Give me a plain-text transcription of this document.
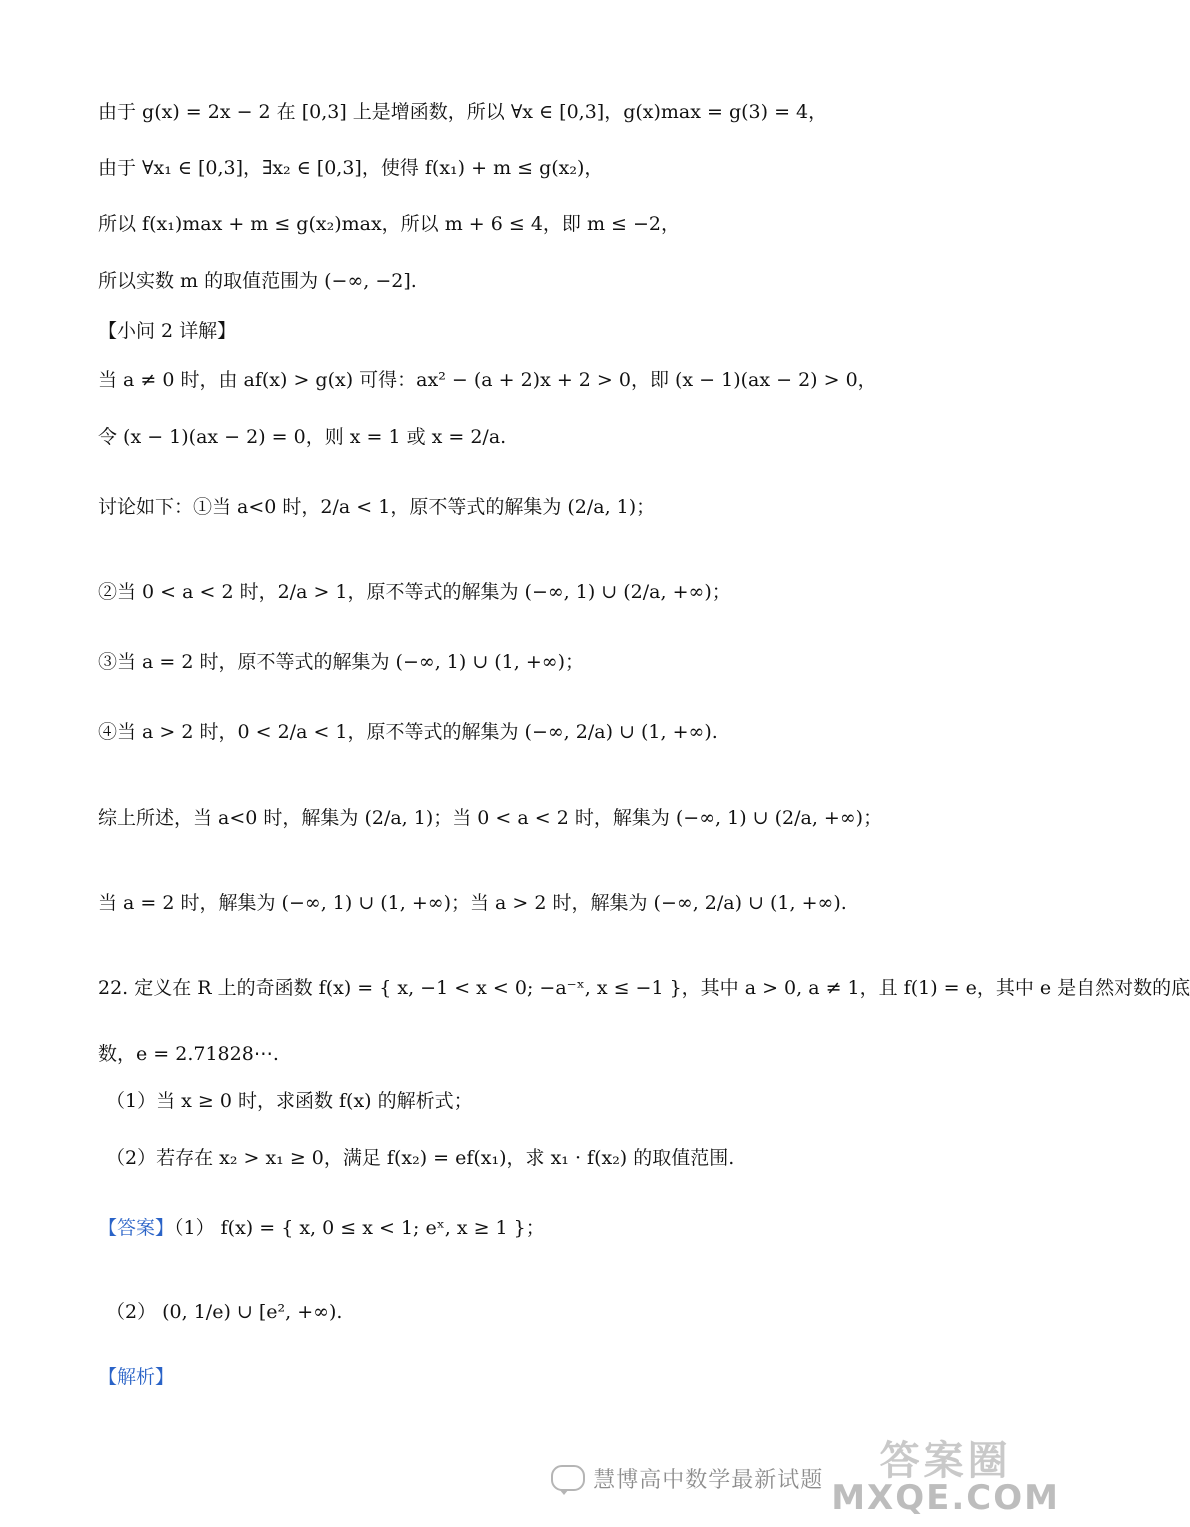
由于 g(x) = 2x − 2 在 [0,3] 上是增函数，所以 ∀x ∈ [0,3]，g(x)max = g(3) = 4，
由于 ∀x₁ ∈ [0,3]，∃x₂ ∈ [0,3]，使得 f(x₁) + m ≤ g(x₂)，
所以 f(x₁)max + m ≤ g(x₂)max，所以 m + 6 ≤ 4，即 m ≤ −2，
所以实数 m 的取值范围为 (−∞, −2].
【小问 2 详解】
当 a ≠ 0 时，由 af(x) > g(x) 可得：ax² − (a + 2)x + 2 > 0，即 (x − 1)(ax − 2) > 0，
令 (x − 1)(ax − 2) = 0，则 x = 1 或 x = 2/a.
讨论如下：①当 a<0 时，2/a < 1，原不等式的解集为 (2/a, 1)；
②当 0 < a < 2 时，2/a > 1，原不等式的解集为 (−∞, 1) ∪ (2/a, +∞)；
③当 a = 2 时，原不等式的解集为 (−∞, 1) ∪ (1, +∞)；
④当 a > 2 时，0 < 2/a < 1，原不等式的解集为 (−∞, 2/a) ∪ (1, +∞).
综上所述，当 a<0 时，解集为 (2/a, 1)；当 0 < a < 2 时，解集为 (−∞, 1) ∪ (2/a, +∞)；
当 a = 2 时，解集为 (−∞, 1) ∪ (1, +∞)；当 a > 2 时，解集为 (−∞, 2/a) ∪ (1, +∞).
22. 定义在 R 上的奇函数 f(x) = { x, −1 < x < 0; −a⁻ˣ, x ≤ −1 }，其中 a > 0, a ≠ 1，且 f(1) = e，其中 e 是自然对数的底
数，e = 2.71828⋯.
（1）当 x ≥ 0 时，求函数 f(x) 的解析式；
（2）若存在 x₂ > x₁ ≥ 0，满足 f(x₂) = ef(x₁)，求 x₁ · f(x₂) 的取值范围.
【答案】（1） f(x) = { x, 0 ≤ x < 1; eˣ, x ≥ 1 }；
（2） (0, 1/e) ∪ [e², +∞).
【解析】
慧博高中数学最新试题	答案圈
MXQE.COM
